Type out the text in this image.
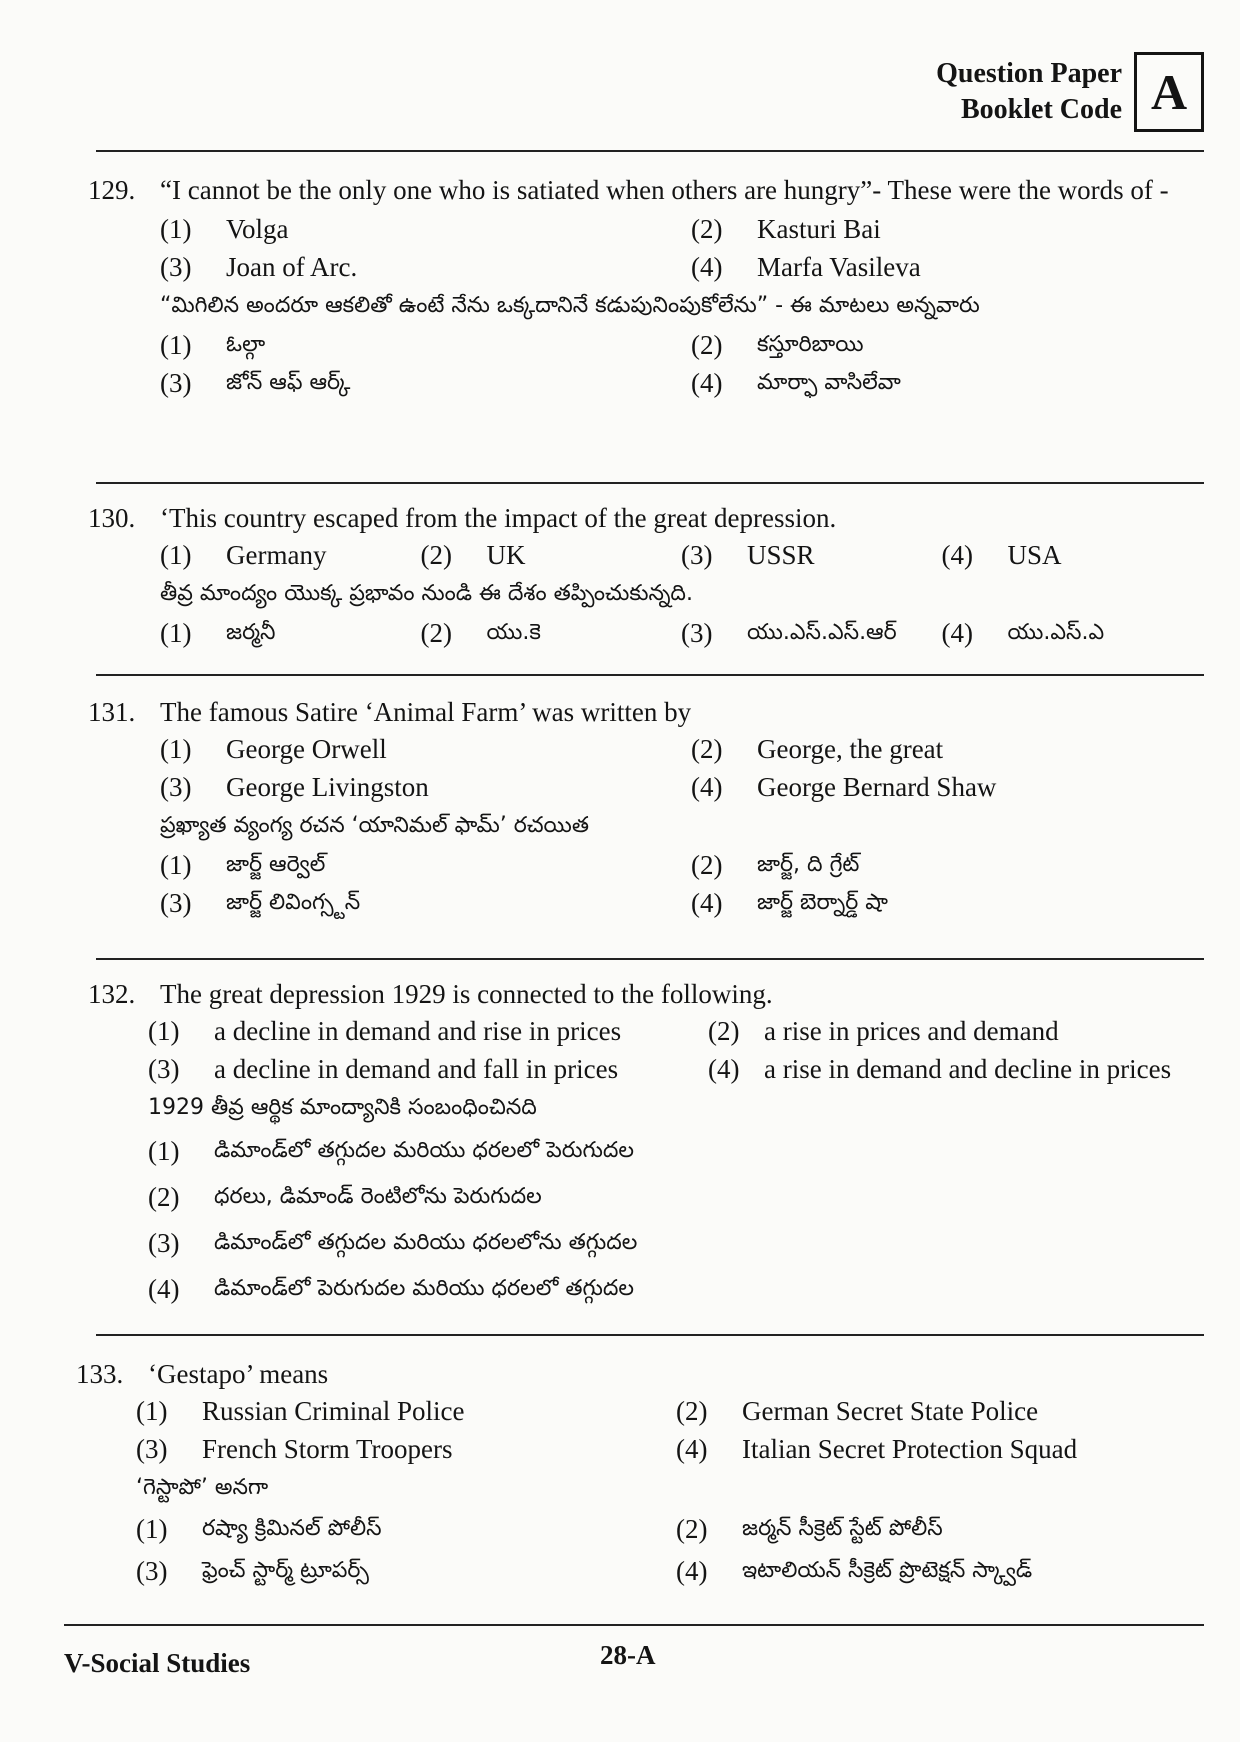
Question Paper
Booklet Code A
129. “I cannot be the only one who is satiated when others are hungry”- These were the words of -
(1)	Volga	(2)	Kasturi Bai
(3)	Joan of Arc.	(4)	Marfa Vasileva
“మిగిలిన అందరూ ఆకలితో ఉంటే నేను ఒక్కదానినే కడుపునింపుకోలేను” - ఈ మాటలు అన్నవారు
(1)	ఓల్గా	(2)	కస్తూరిబాయి
(3)	జోన్ ఆఫ్ ఆర్క్	(4)	మార్ఫా వాసిలేవా
130. ‘This country escaped from the impact of the great depression.
(1)	Germany	(2)	UK	(3)	USSR	(4)	USA
తీవ్ర మాంద్యం యొక్క ప్రభావం నుండి ఈ దేశం తప్పించుకున్నది.
(1)	జర్మనీ	(2)	యు.కె	(3)	యు.ఎస్.ఎస్.ఆర్	(4)	యు.ఎస్.ఎ
131. The famous Satire ‘Animal Farm’ was written by
(1)	George Orwell	(2)	George, the great
(3)	George Livingston	(4)	George Bernard Shaw
ప్రఖ్యాత వ్యంగ్య రచన ‘యానిమల్ ఫామ్’ రచయిత
(1)	జార్జ్ ఆర్వెల్	(2)	జార్జ్, ది గ్రేట్
(3)	జార్జ్ లివింగ్స్టన్	(4)	జార్జ్ బెర్నార్డ్ షా
132. The great depression 1929 is connected to the following.
(1)	a decline in demand and rise in prices	(2) a rise in prices and demand
(3)	a decline in demand and fall in prices	(4) a rise in demand and decline in prices
1929 తీవ్ర ఆర్థిక మాంద్యానికి సంబంధించినది
(1)	డిమాండ్‌లో తగ్గుదల మరియు ధరలలో పెరుగుదల
(2)	ధరలు, డిమాండ్ రెంటిలోను పెరుగుదల
(3)	డిమాండ్‌లో తగ్గుదల మరియు ధరలలోను తగ్గుదల
(4)	డిమాండ్‌లో పెరుగుదల మరియు ధరలలో తగ్గుదల
133. ‘Gestapo’ means
(1)	Russian Criminal Police	(2)	German Secret State Police
(3)	French Storm Troopers	(4)	Italian Secret Protection Squad
‘గెస్టాపో’ అనగా
(1)	రష్యా క్రిమినల్ పోలీస్	(2)	జర్మన్ సీక్రెట్ స్టేట్ పోలీస్
(3)	ఫ్రెంచ్ స్టార్మ్ ట్రూపర్స్	(4)	ఇటాలియన్ సీక్రెట్ ప్రొటెక్షన్ స్క్వాడ్
V-Social Studies	28-A
